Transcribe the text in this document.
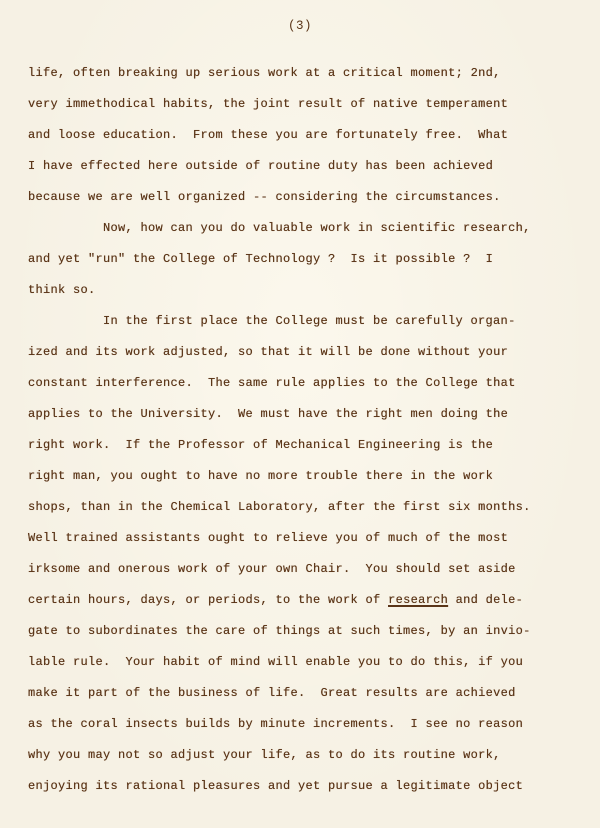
(3)
life, often breaking up serious work at a critical moment; 2nd,
very immethodical habits, the joint result of native temperament
and loose education.  From these you are fortunately free.  What
I have effected here outside of routine duty has been achieved
because we are well organized -- considering the circumstances.
Now, how can you do valuable work in scientific research,
and yet "run" the College of Technology ?  Is it possible ?  I
think so.
In the first place the College must be carefully organ-
ized and its work adjusted, so that it will be done without your
constant interference.  The same rule applies to the College that
applies to the University.  We must have the right men doing the
right work.  If the Professor of Mechanical Engineering is the
right man, you ought to have no more trouble there in the work
shops, than in the Chemical Laboratory, after the first six months.
Well trained assistants ought to relieve you of much of the most
irksome and onerous work of your own Chair.  You should set aside
certain hours, days, or periods, to the work of research and dele-
gate to subordinates the care of things at such times, by an invio-
lable rule.  Your habit of mind will enable you to do this, if you
make it part of the business of life.  Great results are achieved
as the coral insects builds by minute increments.  I see no reason
why you may not so adjust your life, as to do its routine work,
enjoying its rational pleasures and yet pursue a legitimate object
